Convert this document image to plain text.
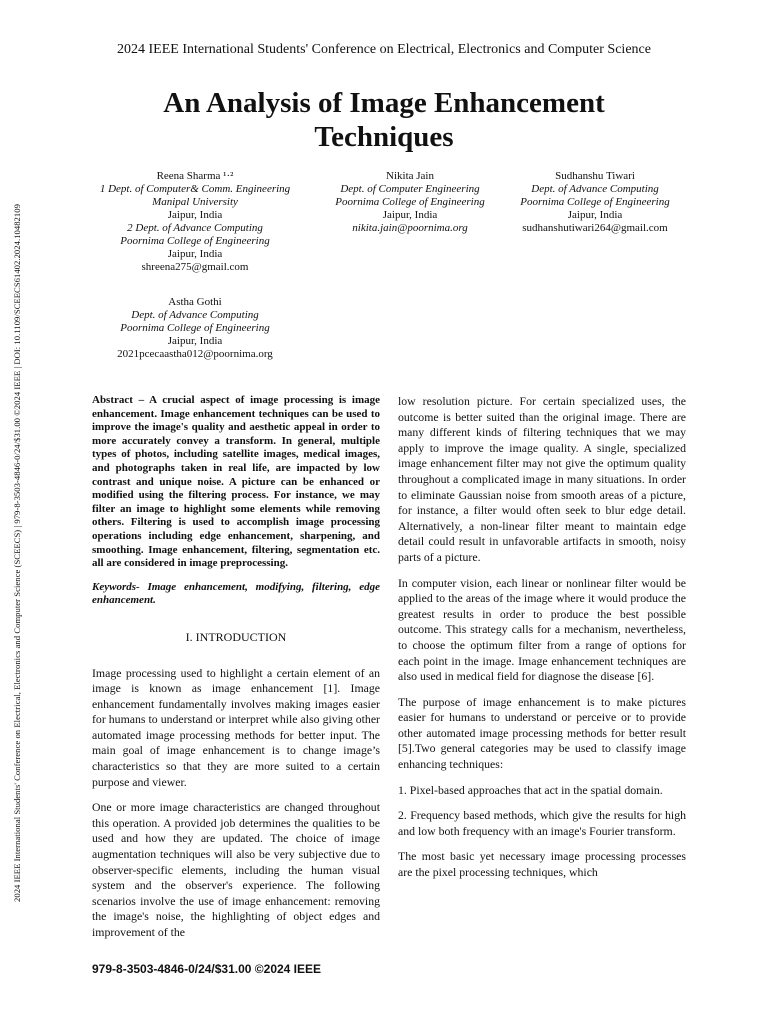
2024 IEEE International Students' Conference on Electrical, Electronics and Computer Science (SCEECS) | 979-8-3503-4846-0/24/$31.00 ©2024 IEEE | DOI: 10.1109/SCEECS61402.2024.10482109
2024 IEEE International Students' Conference on Electrical, Electronics and Computer Science
An Analysis of Image Enhancement Techniques
Reena Sharma ¹·²
1 Dept. of Computer& Comm. Engineering
Manipal University
Jaipur, India
2 Dept. of Advance Computing
Poornima College of Engineering
Jaipur, India
shreena275@gmail.com
Nikita Jain
Dept. of Computer Engineering
Poornima College of Engineering
Jaipur, India
nikita.jain@poornima.org
Sudhanshu Tiwari
Dept. of Advance Computing
Poornima College of Engineering
Jaipur, India
sudhanshutiwari264@gmail.com
Astha Gothi
Dept. of Advance Computing
Poornima College of Engineering
Jaipur, India
2021pcecaastha012@poornima.org

Abstract – A crucial aspect of image processing is image enhancement. Image enhancement techniques can be used to improve the image's quality and aesthetic appeal in order to more accurately convey a transform. In general, multiple types of photos, including satellite images, medical images, and photographs taken in real life, are impacted by low contrast and unique noise. A picture can be enhanced or modified using the filtering process. For instance, we may filter an image to highlight some elements while removing others. Filtering is used to accomplish image processing operations including edge enhancement, sharpening, and smoothing. Image enhancement, filtering, segmentation etc. all are considered in image preprocessing.

Keywords- Image enhancement, modifying, filtering, edge enhancement.

I. INTRODUCTION

Image processing used to highlight a certain element of an image is known as image enhancement [1]. Image enhancement fundamentally involves making images easier for humans to understand or interpret while also giving other automated image processing methods for better input. The main goal of image enhancement is to change image’s characteristics so that they are more suited to a certain purpose and viewer.

One or more image characteristics are changed throughout this operation. A provided job determines the qualities to be used and how they are updated. The choice of image augmentation techniques will also be very subjective due to observer-specific elements, including the human visual system and the observer's experience. The following scenarios involve the use of image enhancement: removing the image's noise, the highlighting of object edges and improvement of the

low resolution picture. For certain specialized uses, the outcome is better suited than the original image. There are many different kinds of filtering techniques that we may apply to improve the image quality. A single, specialized image enhancement filter may not give the optimum quality throughout a complicated image in many situations. In order to eliminate Gaussian noise from smooth areas of a picture, for instance, a filter would often seek to blur edge detail. Alternatively, a non-linear filter meant to maintain edge detail could result in unfavorable artifacts in smooth, noisy parts of a picture.

In computer vision, each linear or nonlinear filter would be applied to the areas of the image where it would produce the greatest results in order to produce the best possible outcome. This strategy calls for a mechanism, nevertheless, to choose the optimum filter from a range of options for each point in the image. Image enhancement techniques are also used in medical field for diagnose the disease [6].

The purpose of image enhancement is to make pictures easier for humans to understand or perceive or to provide other automated image processing methods for better result [5].Two general categories may be used to classify image enhancing techniques:

1. Pixel-based approaches that act in the spatial domain.

2. Frequency based methods, which give the results for high and low both frequency with an image's Fourier transform.

The most basic yet necessary image processing processes are the pixel processing techniques, which

979-8-3503-4846-0/24/$31.00 ©2024 IEEE
